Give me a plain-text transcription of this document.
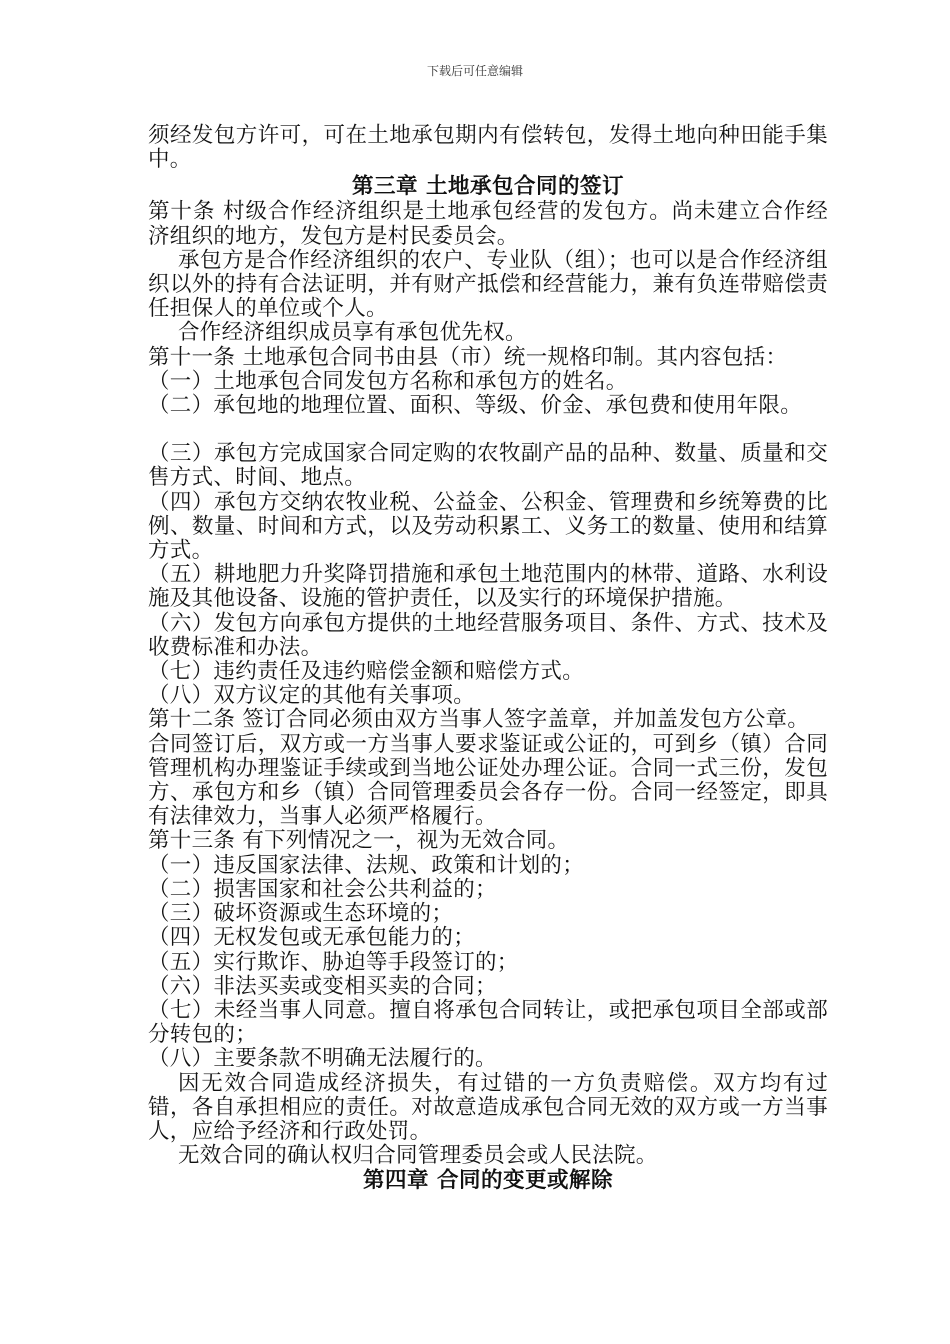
下载后可任意编辑

须经发包方许可，可在土地承包期内有偿转包，发得土地向种田能手集中。

第三章 土地承包合同的签订

第十条 村级合作经济组织是土地承包经营的发包方。尚未建立合作经济组织的地方，发包方是村民委员会。

承包方是合作经济组织的农户、专业队（组）；也可以是合作经济组织以外的持有合法证明，并有财产抵偿和经营能力，兼有负连带赔偿责任担保人的单位或个人。

合作经济组织成员享有承包优先权。

第十一条 土地承包合同书由县（市）统一规格印制。其内容包括：

（一）土地承包合同发包方名称和承包方的姓名。

（二）承包地的地理位置、面积、等级、价金、承包费和使用年限。

（三）承包方完成国家合同定购的农牧副产品的品种、数量、质量和交售方式、时间、地点。

（四）承包方交纳农牧业税、公益金、公积金、管理费和乡统筹费的比例、数量、时间和方式，以及劳动积累工、义务工的数量、使用和结算方式。

（五）耕地肥力升奖降罚措施和承包土地范围内的林带、道路、水利设施及其他设备、设施的管护责任，以及实行的环境保护措施。

（六）发包方向承包方提供的土地经营服务项目、条件、方式、技术及收费标准和办法。

（七）违约责任及违约赔偿金额和赔偿方式。

（八）双方议定的其他有关事项。

第十二条 签订合同必须由双方当事人签字盖章，并加盖发包方公章。

合同签订后，双方或一方当事人要求鉴证或公证的，可到乡（镇）合同管理机构办理鉴证手续或到当地公证处办理公证。合同一式三份，发包方、承包方和乡（镇）合同管理委员会各存一份。合同一经签定，即具有法律效力，当事人必须严格履行。

第十三条 有下列情况之一，视为无效合同。

（一）违反国家法律、法规、政策和计划的；

（二）损害国家和社会公共利益的；

（三）破坏资源或生态环境的；

（四）无权发包或无承包能力的；

（五）实行欺诈、胁迫等手段签订的；

（六）非法买卖或变相买卖的合同；

（七）未经当事人同意。擅自将承包合同转让，或把承包项目全部或部分转包的；

（八）主要条款不明确无法履行的。

因无效合同造成经济损失，有过错的一方负责赔偿。双方均有过错，各自承担相应的责任。对故意造成承包合同无效的双方或一方当事人，应给予经济和行政处罚。

无效合同的确认权归合同管理委员会或人民法院。

第四章 合同的变更或解除
